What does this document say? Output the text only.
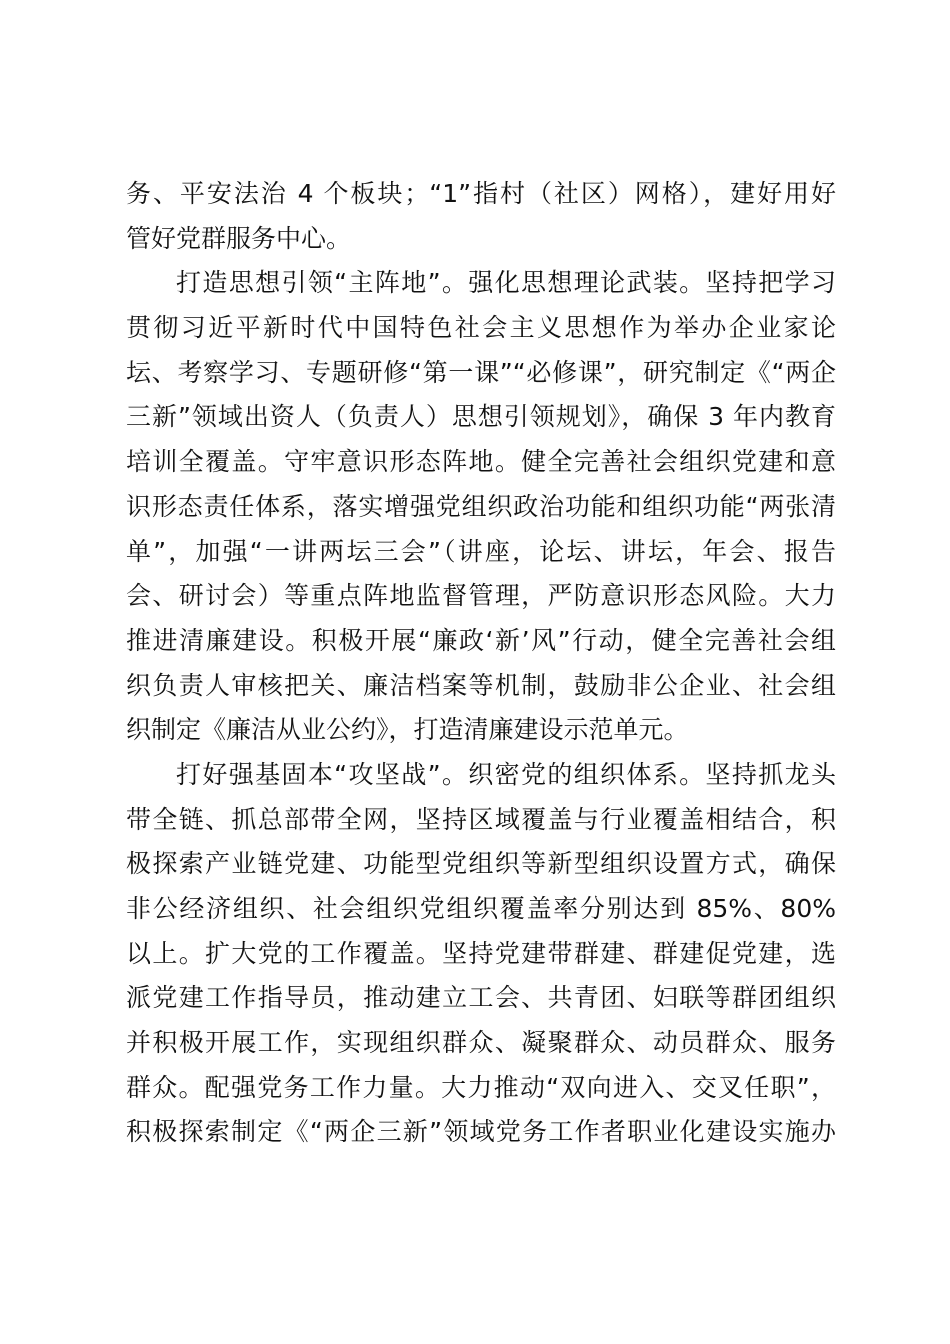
务、平安法治 4 个板块；“1”指村（社区）网格），建好用好
管好党群服务中心。
打造思想引领“主阵地”。强化思想理论武装。坚持把学习
贯彻习近平新时代中国特色社会主义思想作为举办企业家论
坛、考察学习、专题研修“第一课”“必修课”，研究制定《“两企
三新”领域出资人（负责人）思想引领规划》，确保 3 年内教育
培训全覆盖。守牢意识形态阵地。健全完善社会组织党建和意
识形态责任体系，落实增强党组织政治功能和组织功能“两张清
单”，加强“一讲两坛三会”（讲座，论坛、讲坛，年会、报告
会、研讨会）等重点阵地监督管理，严防意识形态风险。大力
推进清廉建设。积极开展“廉政‘新’风”行动，健全完善社会组
织负责人审核把关、廉洁档案等机制，鼓励非公企业、社会组
织制定《廉洁从业公约》，打造清廉建设示范单元。
打好强基固本“攻坚战”。织密党的组织体系。坚持抓龙头
带全链、抓总部带全网，坚持区域覆盖与行业覆盖相结合，积
极探索产业链党建、功能型党组织等新型组织设置方式，确保
非公经济组织、社会组织党组织覆盖率分别达到 85%、80%
以上。扩大党的工作覆盖。坚持党建带群建、群建促党建，选
派党建工作指导员，推动建立工会、共青团、妇联等群团组织
并积极开展工作，实现组织群众、凝聚群众、动员群众、服务
群众。配强党务工作力量。大力推动“双向进入、交叉任职”，
积极探索制定《“两企三新”领域党务工作者职业化建设实施办
